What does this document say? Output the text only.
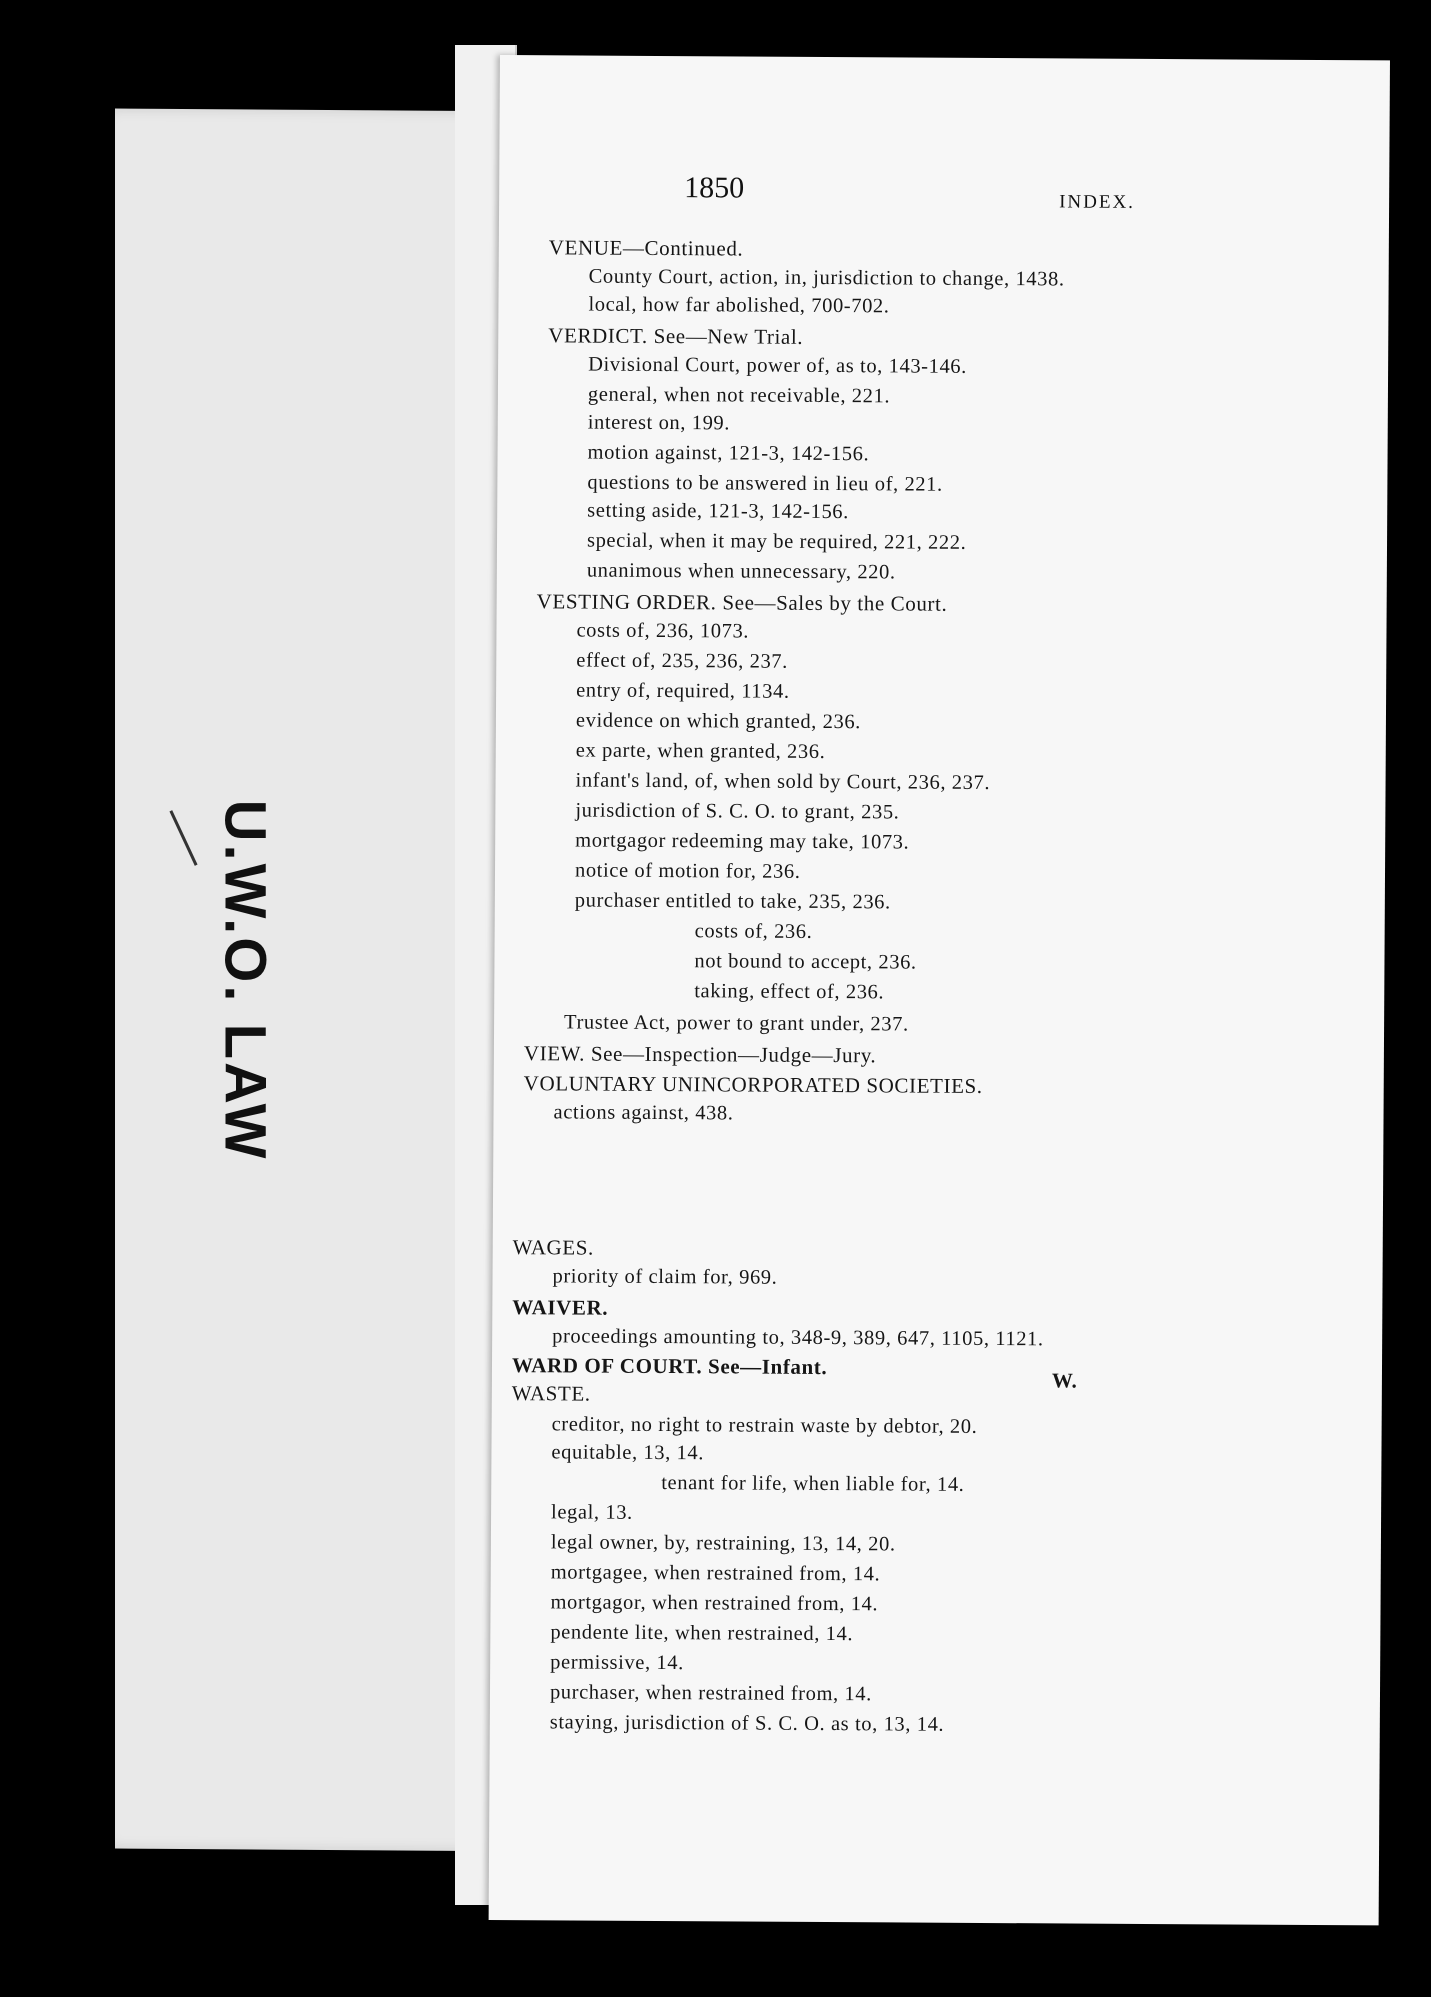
U.W.O. LAW
1850	INDEX.
W.
VENUE—Continued.
County Court, action, in, jurisdiction to change, 1438.
local, how far abolished, 700-702.
VERDICT. See—New Trial.
Divisional Court, power of, as to, 143-146.
general, when not receivable, 221.
interest on, 199.
motion against, 121-3, 142-156.
questions to be answered in lieu of, 221.
setting aside, 121-3, 142-156.
special, when it may be required, 221, 222.
unanimous when unnecessary, 220.
VESTING ORDER. See—Sales by the Court.
costs of, 236, 1073.
effect of, 235, 236, 237.
entry of, required, 1134.
evidence on which granted, 236.
ex parte, when granted, 236.
infant's land, of, when sold by Court, 236, 237.
jurisdiction of S. C. O. to grant, 235.
mortgagor redeeming may take, 1073.
notice of motion for, 236.
purchaser entitled to take, 235, 236.
costs of, 236.
not bound to accept, 236.
taking, effect of, 236.
Trustee Act, power to grant under, 237.
VIEW. See—Inspection—Judge—Jury.
VOLUNTARY UNINCORPORATED SOCIETIES.
actions against, 438.
WAGES.
priority of claim for, 969.
WAIVER.
proceedings amounting to, 348-9, 389, 647, 1105, 1121.
WARD OF COURT. See—Infant.
WASTE.
creditor, no right to restrain waste by debtor, 20.
equitable, 13, 14.
tenant for life, when liable for, 14.
legal, 13.
legal owner, by, restraining, 13, 14, 20.
mortgagee, when restrained from, 14.
mortgagor, when restrained from, 14.
pendente lite, when restrained, 14.
permissive, 14.
purchaser, when restrained from, 14.
staying, jurisdiction of S. C. O. as to, 13, 14.
